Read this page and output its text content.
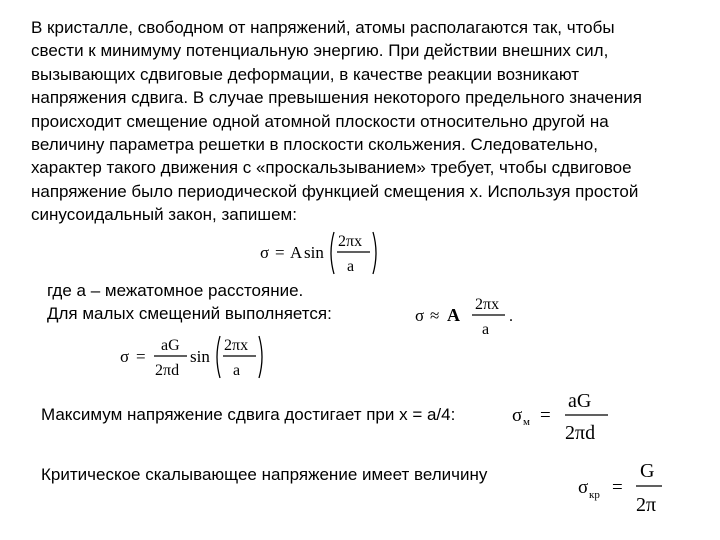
В кристалле, свободном от напряжений, атомы располагаются так, чтобы
свести к минимуму потенциальную энергию. При действии внешних сил,
вызывающих сдвиговые деформации, в качестве реакции возникают
напряжения сдвига. В случае превышения некоторого предельного значения
происходит смещение одной атомной плоскости относительно другой на
величину параметра решетки в плоскости скольжения. Следовательно,
характер такого движения с «проскальзыванием» требует, чтобы сдвиговое
напряжение было периодической функцией смещения x. Используя простой
синусоидальный закон, запишем:
σ = A sin
2πx
a
где a – межатомное расстояние.
Для малых смещений выполняется:	σ ≈ A
2πx
a
.
σ =
aG
2πd
sin
2πx
a
Максимум напряжение сдвига достигает при x = a/4:	σ м =
aG
2πd
Критическое скалывающее напряжение имеет величину
σ кр =
G
2π
